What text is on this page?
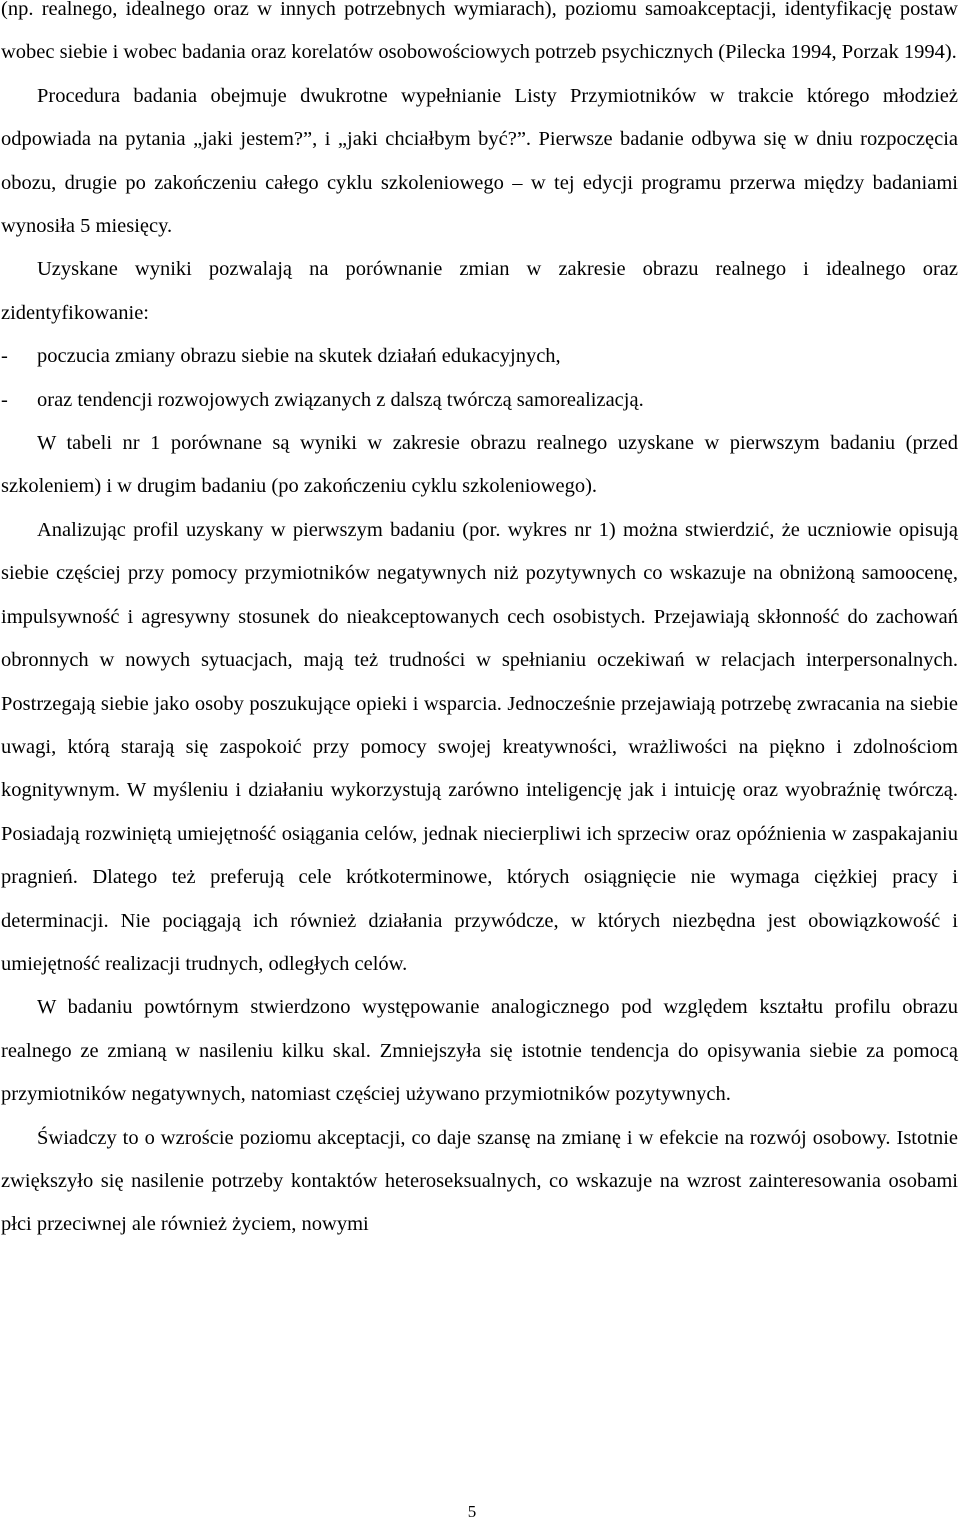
(np. realnego, idealnego oraz w innych potrzebnych wymiarach), poziomu samoakceptacji, identyfikację postaw wobec siebie i wobec badania oraz korelatów osobowościowych potrzeb psychicznych (Pilecka 1994, Porzak 1994).

Procedura badania obejmuje dwukrotne wypełnianie Listy Przymiotników w trakcie którego młodzież odpowiada na pytania „jaki jestem?”, i „jaki chciałbym być?”. Pierwsze badanie odbywa się w dniu rozpoczęcia obozu, drugie po zakończeniu całego cyklu szkoleniowego – w tej edycji programu przerwa między badaniami wynosiła 5 miesięcy.

Uzyskane wyniki pozwalają na porównanie zmian w zakresie obrazu realnego i idealnego oraz zidentyfikowanie:

- poczucia zmiany obrazu siebie na skutek działań edukacyjnych,

- oraz tendencji rozwojowych związanych z dalszą twórczą samorealizacją.

W tabeli nr 1 porównane są wyniki w zakresie obrazu realnego uzyskane w pierwszym badaniu (przed szkoleniem) i w drugim badaniu (po zakończeniu cyklu szkoleniowego).

Analizując profil uzyskany w pierwszym badaniu (por. wykres nr 1) można stwierdzić, że uczniowie opisują siebie częściej przy pomocy przymiotników negatywnych niż pozytywnych co wskazuje na obniżoną samoocenę, impulsywność i agresywny stosunek do nieakceptowanych cech osobistych. Przejawiają skłonność do zachowań obronnych w nowych sytuacjach, mają też trudności w spełnianiu oczekiwań w relacjach interpersonalnych. Postrzegają siebie jako osoby poszukujące opieki i wsparcia. Jednocześnie przejawiają potrzebę zwracania na siebie uwagi, którą starają się zaspokoić przy pomocy swojej kreatywności, wrażliwości na piękno i zdolnościom kognitywnym. W myśleniu i działaniu wykorzystują zarówno inteligencję jak i intuicję oraz wyobraźnię twórczą. Posiadają rozwiniętą umiejętność osiągania celów, jednak niecierpliwi ich sprzeciw oraz opóźnienia w zaspakajaniu pragnień. Dlatego też preferują cele krótkoterminowe, których osiągnięcie nie wymaga ciężkiej pracy i determinacji. Nie pociągają ich również działania przywódcze, w których niezbędna jest obowiązkowość i umiejętność realizacji trudnych, odległych celów.

W badaniu powtórnym stwierdzono występowanie analogicznego pod względem kształtu profilu obrazu realnego ze zmianą w nasileniu kilku skal. Zmniejszyła się istotnie tendencja do opisywania siebie za pomocą przymiotników negatywnych, natomiast częściej używano przymiotników pozytywnych.

Świadczy to o wzroście poziomu akceptacji, co daje szansę na zmianę i w efekcie na rozwój osobowy. Istotnie zwiększyło się nasilenie potrzeby kontaktów heteroseksualnych, co wskazuje na wzrost zainteresowania osobami płci przeciwnej ale również życiem, nowymi

5
